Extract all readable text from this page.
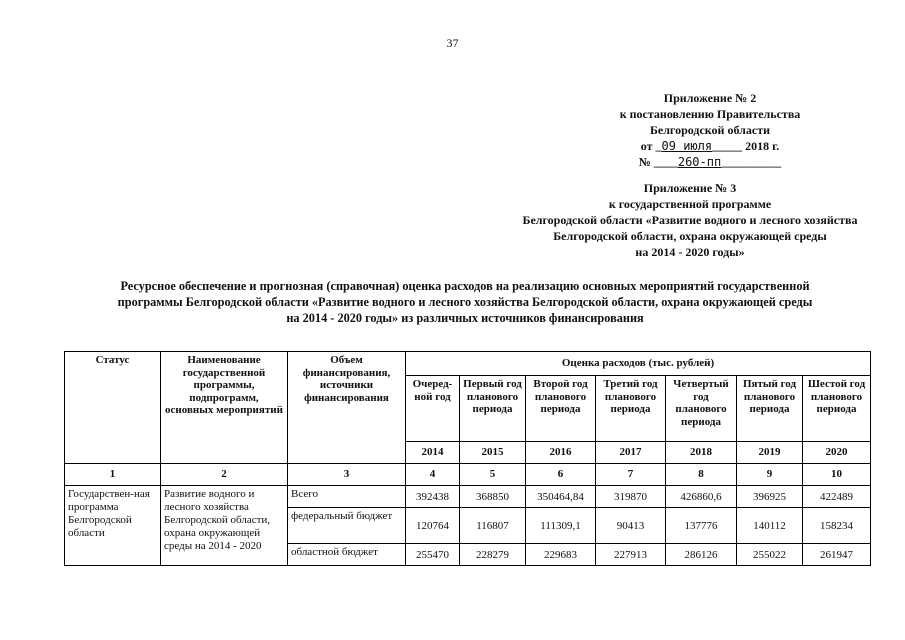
37
Приложение № 2
к постановлению Правительства
Белгородской области
от _09 июля_____ 2018 г.
№ ____260-пп__________
Приложение № 3
к государственной программе
Белгородской области «Развитие водного и лесного хозяйства
Белгородской области, охрана окружающей среды
на 2014 - 2020 годы»
Ресурсное обеспечение и прогнозная (справочная) оценка расходов на реализацию основных мероприятий государственной
программы Белгородской области «Развитие водного и лесного хозяйства Белгородской области, охрана окружающей среды
на 2014 - 2020 годы» из различных источников финансирования
Статус	Наименование государственной программы, подпрограмм, основных мероприятий	Объем финансирования, источники финансирования	Оценка расходов (тыс. рублей)						
			Очеред-ной год	Первый год планового периода	Второй год планового периода	Третий год планового периода	Четвертый год планового периода	Пятый год планового периода	Шестой год планового периода
			2014	2015	2016	2017	2018	2019	2020
1	2	3	4	5	6	7	8	9	10
Государствен-ная программа Белгородской области	Развитие водного и лесного хозяйства Белгородской области, охрана окружающей среды на 2014 - 2020	Всего	392438	368850	350464,84	319870	426860,6	396925	422489
		федеральный бюджет	120764	116807	111309,1	90413	137776	140112	158234
		областной бюджет	255470	228279	229683	227913	286126	255022	261947
